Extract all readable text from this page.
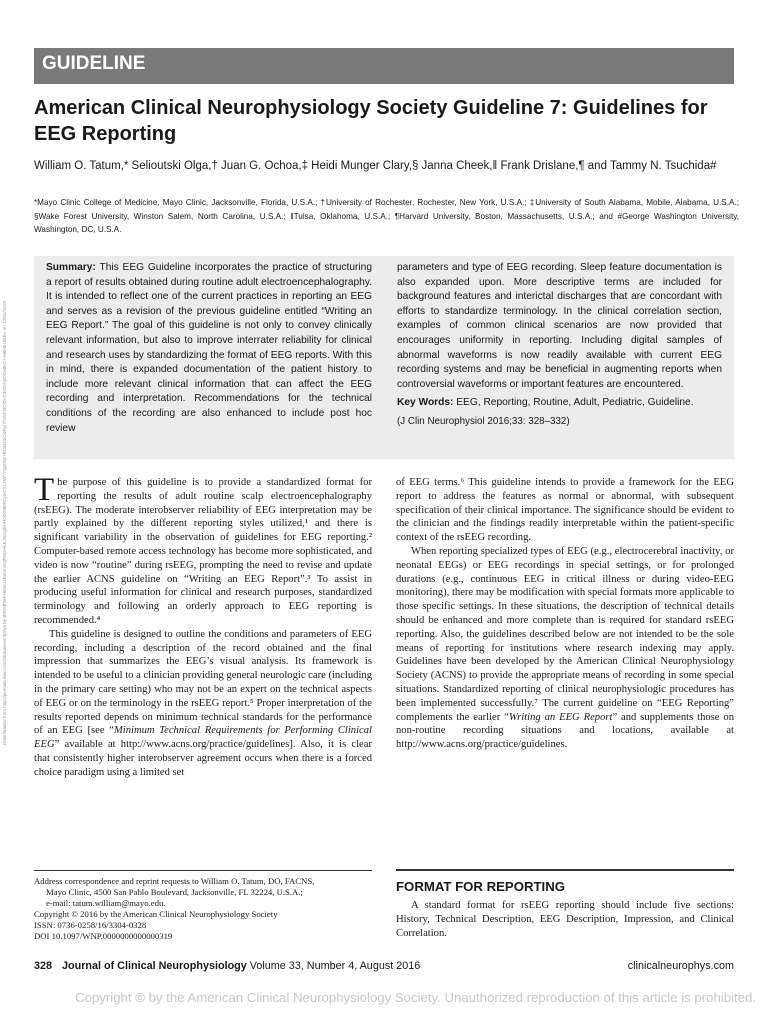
GUIDELINE
American Clinical Neurophysiology Society Guideline 7: Guidelines for EEG Reporting
William O. Tatum,* Selioutski Olga,† Juan G. Ochoa,‡ Heidi Munger Clary,§ Janna Cheek,‖ Frank Drislane,¶ and Tammy N. Tsuchida#
*Mayo Clinic College of Medicine, Mayo Clinic, Jacksonville, Florida, U.S.A.; †University of Rochester, Rochester, New York, U.S.A.; ‡University of South Alabama, Mobile, Alabama, U.S.A.; §Wake Forest University, Winston Salem, North Carolina, U.S.A.; ‖Tulsa, Oklahoma, U.S.A.; ¶Harvard University, Boston, Massachusetts, U.S.A.; and #George Washington University, Washington, DC, U.S.A.
Downloaded from http://journals.lww.com/clinicalneurophys by BhDMf5ePHKav1zEoum1tQfN4a+kJLhEZgbsIHo4XMi0hCywCX1AWnYQp/IlQrHD3i3D0OdRyi7TvSFl4Cf3VC4/OAVpDDa8K2+Ya6H515kE= on 12/02/2020
Summary: This EEG Guideline incorporates the practice of structuring a report of results obtained during routine adult electroencephalography. It is intended to reflect one of the current practices in reporting an EEG and serves as a revision of the previous guideline entitled “Writing an EEG Report.” The goal of this guideline is not only to convey clinically relevant information, but also to improve interrater reliability for clinical and research uses by standardizing the format of EEG reports. With this in mind, there is expanded documentation of the patient history to include more relevant clinical information that can affect the EEG recording and interpretation. Recommendations for the technical conditions of the recording are also enhanced to include post hoc review
parameters and type of EEG recording. Sleep feature documentation is also expanded upon. More descriptive terms are included for background features and interictal discharges that are concordant with efforts to standardize terminology. In the clinical correlation section, examples of common clinical scenarios are now provided that encourages uniformity in reporting. Including digital samples of abnormal waveforms is now readily available with current EEG recording systems and may be beneficial in augmenting reports when controversial waveforms or important features are encountered.
Key Words: EEG, Reporting, Routine, Adult, Pediatric, Guideline.
(J Clin Neurophysiol 2016;33: 328–332)

The purpose of this guideline is to provide a standardized format for reporting the results of adult routine scalp electroencephalography (rsEEG). The moderate interobserver reliability of EEG interpretation may be partly explained by the different reporting styles utilized,¹ and there is significant variability in the observation of guidelines for EEG reporting.² Computer-based remote access technology has become more sophisticated, and video is now “routine” during rsEEG, prompting the need to revise and update the earlier ACNS guideline on “Writing an EEG Report”.³ To assist in producing useful information for clinical and research purposes, standardized terminology and following an orderly approach to EEG reporting is recommended.⁴

This guideline is designed to outline the conditions and parameters of EEG recording, including a description of the record obtained and the final impression that summarizes the EEG’s visual analysis. Its framework is intended to be useful to a clinician providing general neurologic care (including in the primary care setting) who may not be an expert on the technical aspects of EEG or on the terminology in the rsEEG report.⁵ Proper interpretation of the results reported depends on minimum technical standards for the performance of an EEG [see “Minimum Technical Requirements for Performing Clinical EEG” available at http://www.acns.org/practice/guidelines]. Also, it is clear that consistently higher interobserver agreement occurs when there is a forced choice paradigm using a limited set

of EEG terms.⁶ This guideline intends to provide a framework for the EEG report to address the features as normal or abnormal, with subsequent specification of their clinical importance. The significance should be evident to the clinician and the findings readily interpretable within the patient-specific context of the rsEEG recording.

When reporting specialized types of EEG (e.g., electrocerebral inactivity, or neonatal EEGs) or EEG recordings in special settings, or for prolonged durations (e.g., continuous EEG in critical illness or during video-EEG monitoring), there may be modification with special formats more applicable to those specific settings. In these situations, the description of technical details should be enhanced and more complete than is required for standard rsEEG reporting. Also, the guidelines described below are not intended to be the sole means of reporting for institutions where research indexing may apply. Guidelines have been developed by the American Clinical Neurophysiology Society (ACNS) to provide the appropriate means of recording in some special situations. Standardized reporting of clinical neurophysiologic procedures has been implemented successfully.⁷ The current guideline on “EEG Reporting” complements the earlier “Writing an EEG Report” and supplements those on non-routine recording situations and locations, available at http://www.acns.org/practice/guidelines.

Address correspondence and reprint requests to William O. Tatum, DO, FACNS,
Mayo Clinic, 4500 San Pablo Boulevard, Jacksonville, FL 32224, U.S.A.;
e-mail: tatum.william@mayo.edu.
Copyright © 2016 by the American Clinical Neurophysiology Society
ISSN: 0736-0258/16/3304-0328
DOI 10.1097/WNP.0000000000000319
FORMAT FOR REPORTING
A standard format for rsEEG reporting should include five sections: History, Technical Description, EEG Description, Impression, and Clinical Correlation.
328 Journal of Clinical Neurophysiology Volume 33, Number 4, August 2016	clinicalneurophys.com
Copyright © by the American Clinical Neurophysiology Society. Unauthorized reproduction of this article is prohibited.
